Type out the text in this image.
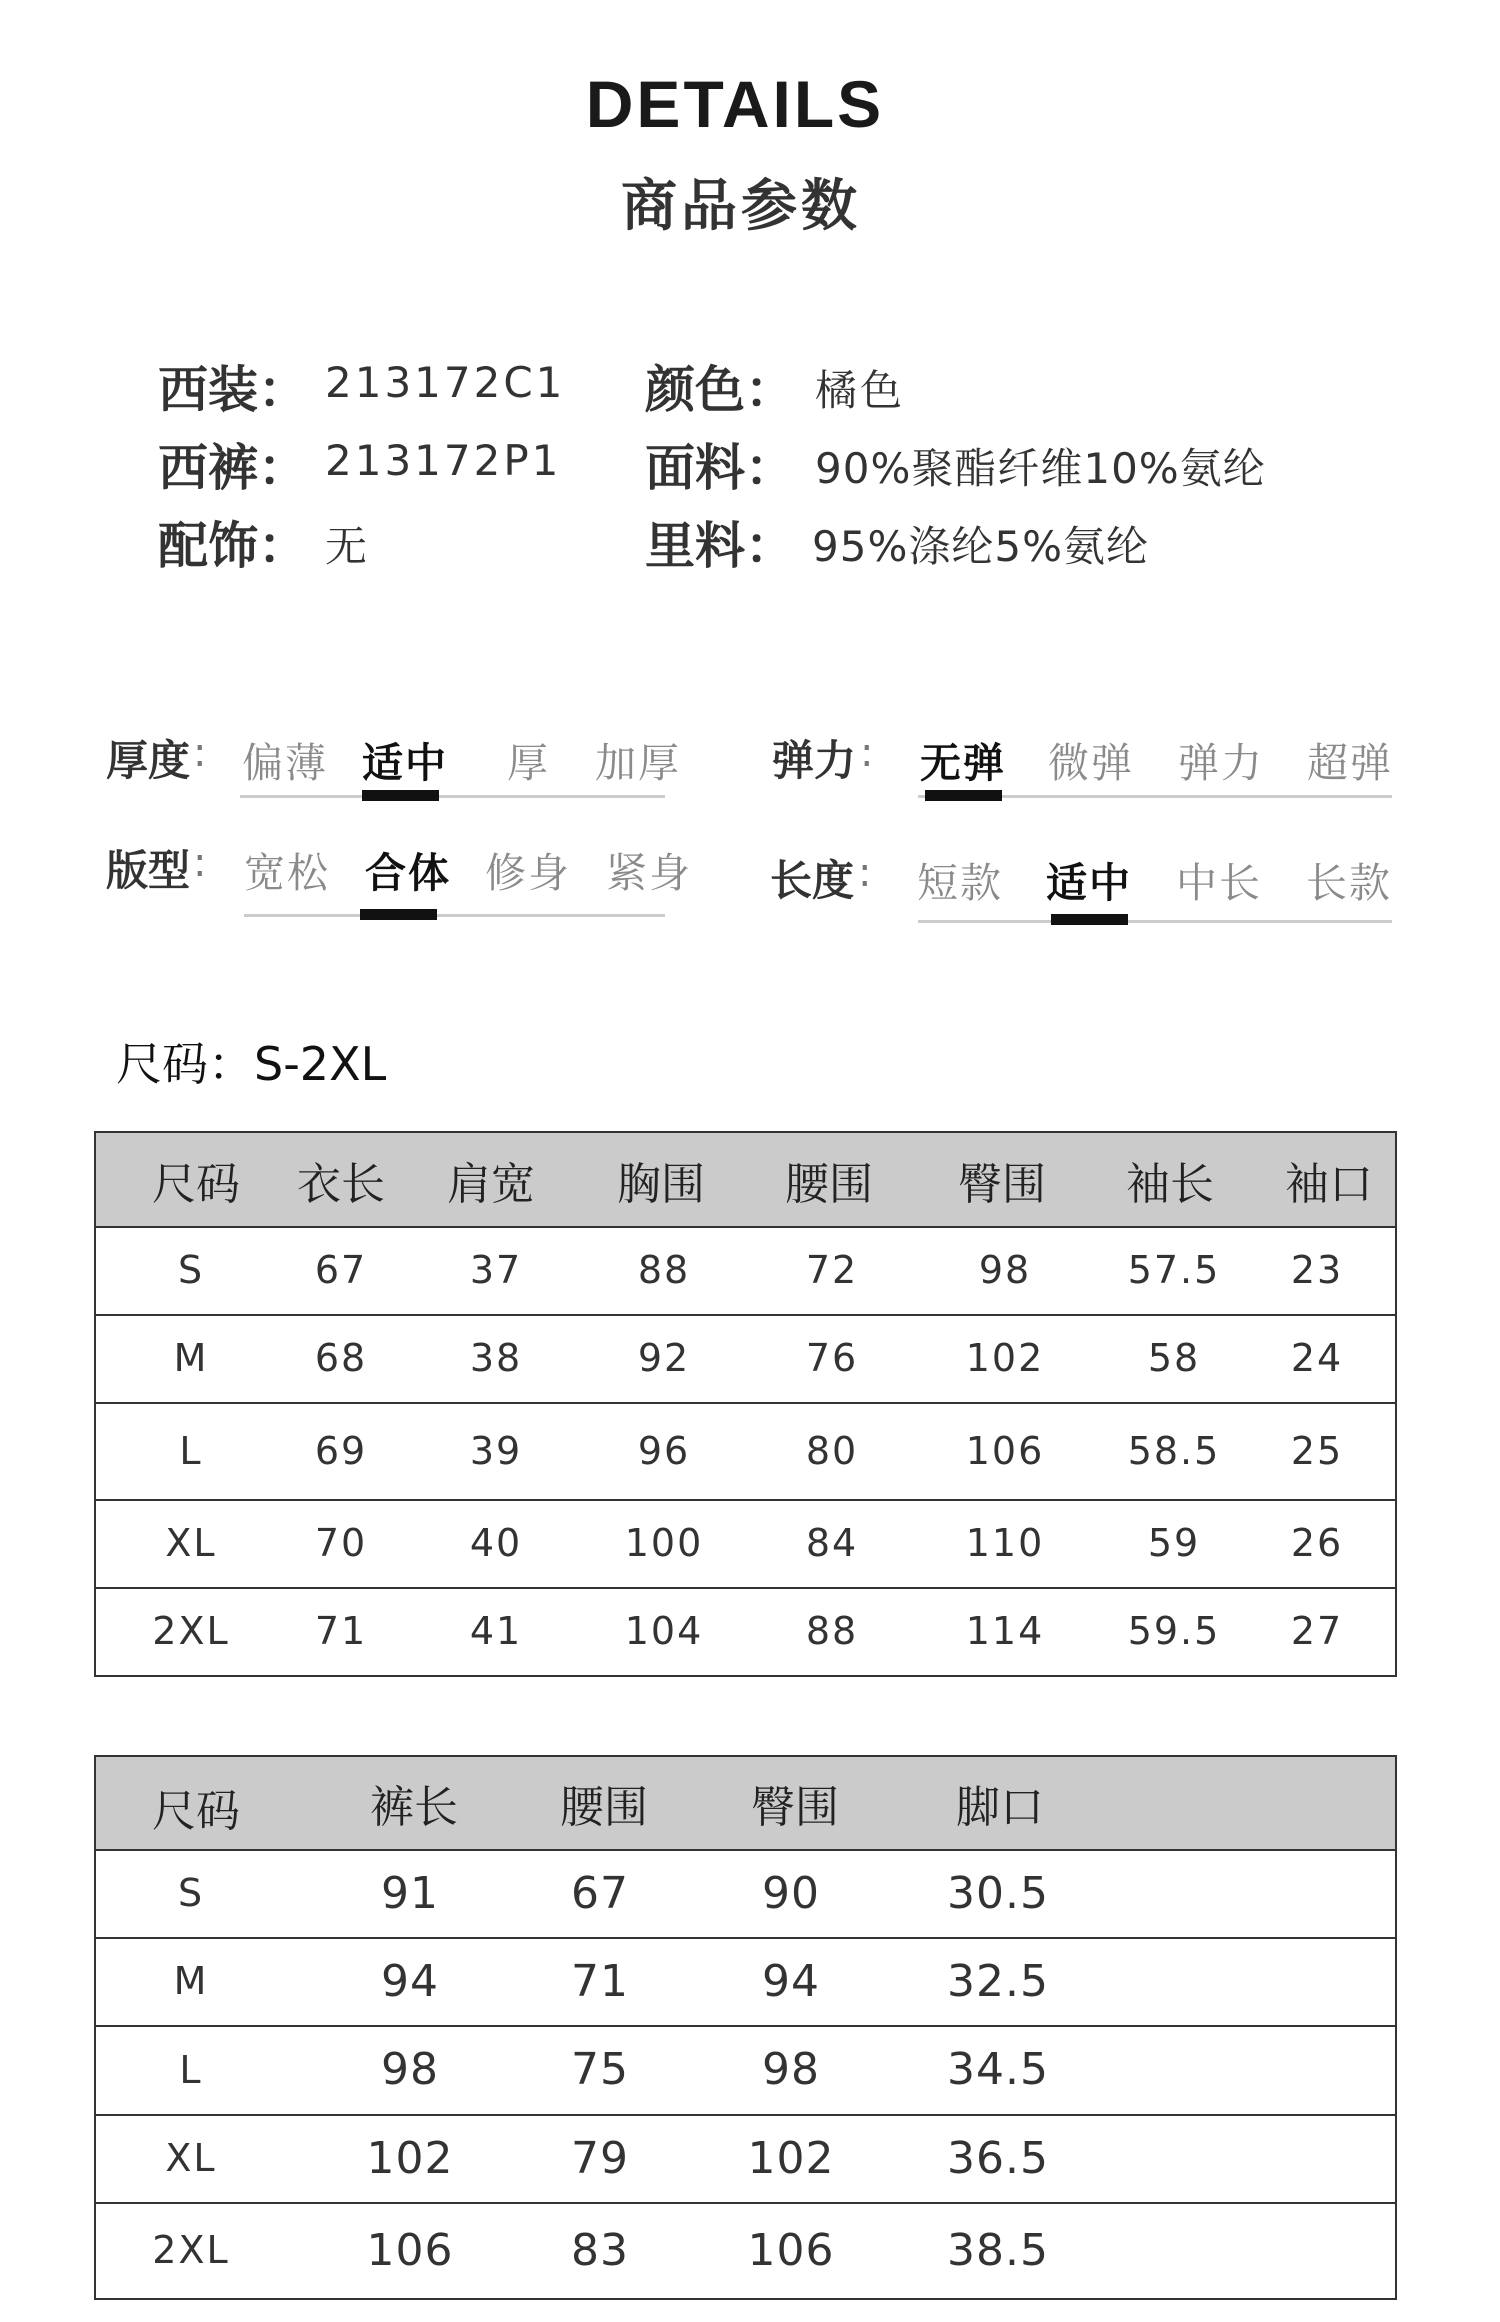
DETAILS
商品参数
西装： 213172C1
西裤： 213172P1
配饰： 无
颜色： 橘色
面料： 90%聚酯纤维10%氨纶
里料： 95%涤纶5%氨纶
厚度 : 偏薄 适中 厚 加厚 弹力 : 无弹 微弹 弹力 超弹
版型 : 宽松 合体 修身 紧身 长度 : 短款 适中 中长 长款
尺码：S-2XL
尺码	衣长 肩宽 胸围 腰围 臀围 袖长 袖口
S	67	37	88	72	98	57.5	23
M	68	38	92	76	102	58	24
L	69	39	96	80	106 58.5	25
XL	70	40	100	84	110	59	26
2XL	71	41	104	88	114 59.5	27
尺码	裤长 腰围 臀围	脚口
S	91	67	90	30.5
M	94	71	94	32.5
L	98	75	98	34.5
XL	102	79	102	36.5
2XL	106	83	106	38.5
